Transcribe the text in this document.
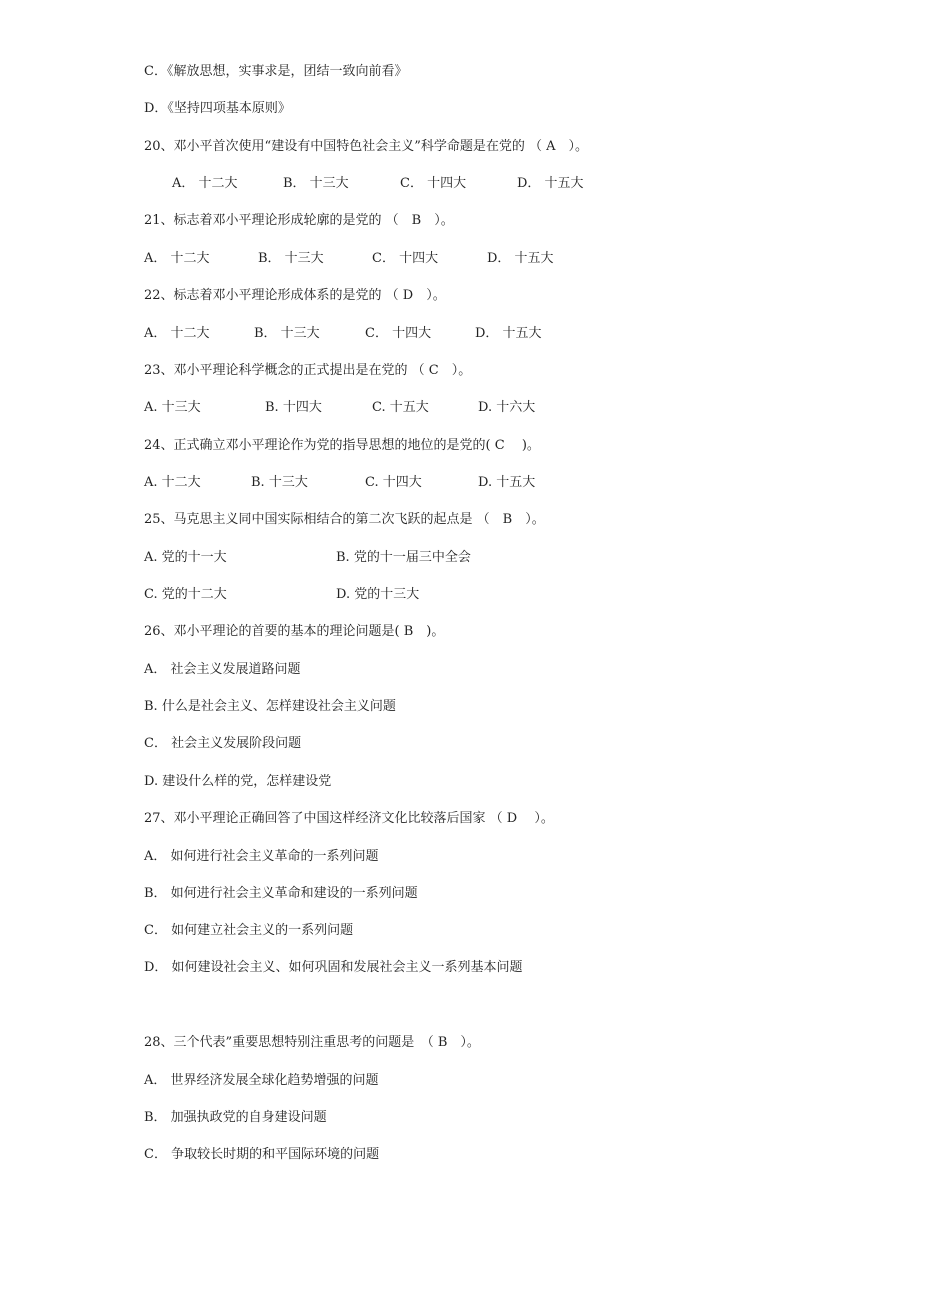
C．《解放思想，实事求是，团结一致向前看》
D．《坚持四项基本原则》
20、邓小平首次使用“建设有中国特色社会主义”科学命题是在党的 （ A　）。
A． 十二大	B． 十三大	C． 十四大	D． 十五大
21、标志着邓小平理论形成轮廓的是党的 （　B　）。
A． 十二大	B． 十三大	C． 十四大	D． 十五大
22、标志着邓小平理论形成体系的是党的 （ D　）。
A． 十二大	B． 十三大	C． 十四大	D． 十五大
23、邓小平理论科学概念的正式提出是在党的 （ C　）。
A. 十三大	B. 十四大	C. 十五大	D. 十六大
24、正式确立邓小平理论作为党的指导思想的地位的是党的( C　 )。
A. 十二大	B. 十三大	C. 十四大	D. 十五大
25、马克思主义同中国实际相结合的第二次飞跃的起点是 （　B　）。
A. 党的十一大	B. 党的十一届三中全会
C. 党的十二大	D. 党的十三大
26、邓小平理论的首要的基本的理论问题是( B　)。
A． 社会主义发展道路问题
B. 什么是社会主义、怎样建设社会主义问题
C． 社会主义发展阶段问题
D. 建设什么样的党，怎样建设党
27、邓小平理论正确回答了中国这样经济文化比较落后国家 （ D　 ）。
A． 如何进行社会主义革命的一系列问题
B． 如何进行社会主义革命和建设的一系列问题
C． 如何建立社会主义的一系列问题
D． 如何建设社会主义、如何巩固和发展社会主义一系列基本问题
28、三个代表”重要思想特别注重思考的问题是　（ B　）。
A． 世界经济发展全球化趋势增强的问题
B． 加强执政党的自身建设问题
C． 争取较长时期的和平国际环境的问题
